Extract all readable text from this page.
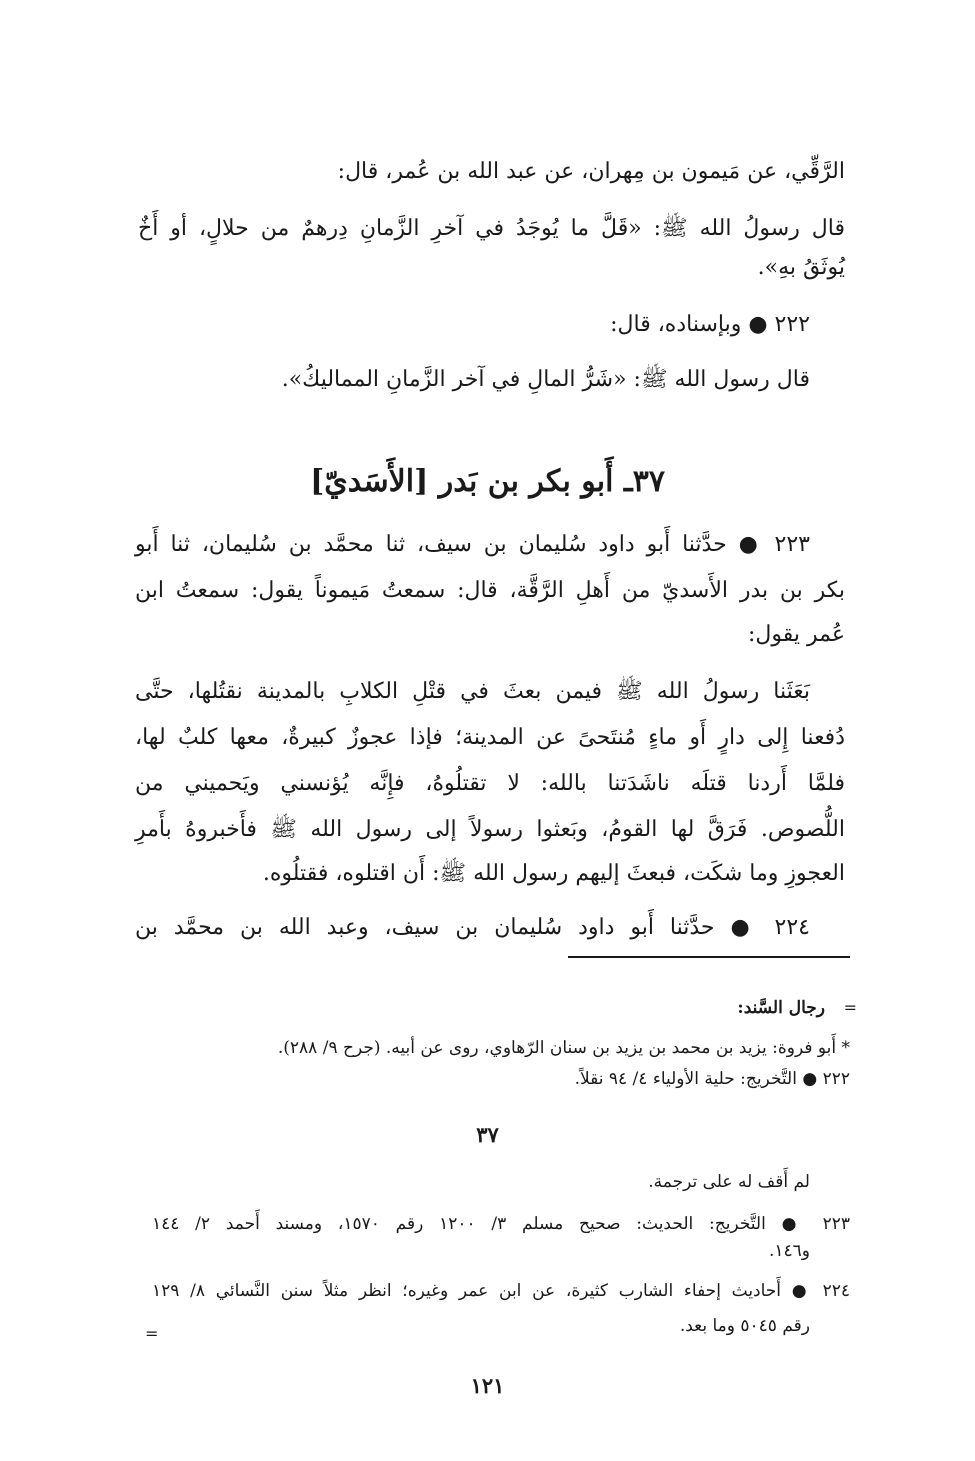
الرَّقِّي، عن مَيمون بن مِهران، عن عبد الله بن عُمر، قال:
قال رسولُ الله ﷺ: «قَلَّ ما يُوجَدُ في آخرِ الزَّمانِ دِرهمٌ من حلالٍ، أو أَخٌ
يُوثَقُ بهِ».
٢٢٢ ● وبإسناده، قال:
قال رسول الله ﷺ: «شَرُّ المالِ في آخر الزَّمانِ المماليكُ».
٣٧ـ أَبو بكر بن بَدر [الأَسَديّ]
٢٢٣ ● حدَّثنا أَبو داود سُليمان بن سيف، ثنا محمَّد بن سُليمان، ثنا أَبو
بكر بن بدر الأَسديّ من أَهلِ الرَّقَّة، قال: سمعتُ مَيموناً يقول: سمعتُ ابن
عُمر يقول:
بَعَثَنا رسولُ الله ﷺ فيمن بعثَ في قتْلِ الكلابِ بالمدينة نقتُلها، حتَّى
دُفعنا إِلى دارٍ أَو ماءٍ مُنتَحىً عن المدينة؛ فإذا عجوزٌ كبيرةٌ، معها كلبٌ لها،
فلمَّا أَردنا قتلَه ناشَدَتنا بالله: لا تقتلُوهُ، فإِنَّه يُؤنسني ويَحميني من
اللُّصوص. فَرَقَّ لها القومُ، وبَعثوا رسولاً إلى رسول الله ﷺ فأَخبروهُ بأَمرِ
العجوزِ وما شكَت، فبعثَ إليهم رسول الله ﷺ: أَن اقتلوه، فقتلُوه.
٢٢٤ ● حدَّثنا أَبو داود سُليمان بن سيف، وعبد الله بن محمَّد بن
=
رجال السَّند:
* أَبو فروة: يزيد بن محمد بن يزيد بن سنان الرّهاوي، روى عن أبيه. (جرح ٩/ ٢٨٨).
٢٢٢ ● التَّخريج: حلية الأولياء ٤/ ٩٤ نقلاً.
٣٧
لم أَقف له على ترجمة.
٢٢٣ ● التَّخريج: الحديث: صحيح مسلم ٣/ ١٢٠٠ رقم ١٥٧٠، ومسند أَحمد ٢/ ١٤٤
و١٤٦.
٢٢٤ ● أَحاديث إحفاء الشارب كثيرة، عن ابن عمر وغيره؛ انظر مثلاً سنن النَّسائي ٨/ ١٢٩
رقم ٥٠٤٥ وما بعد.
=
١٢١
